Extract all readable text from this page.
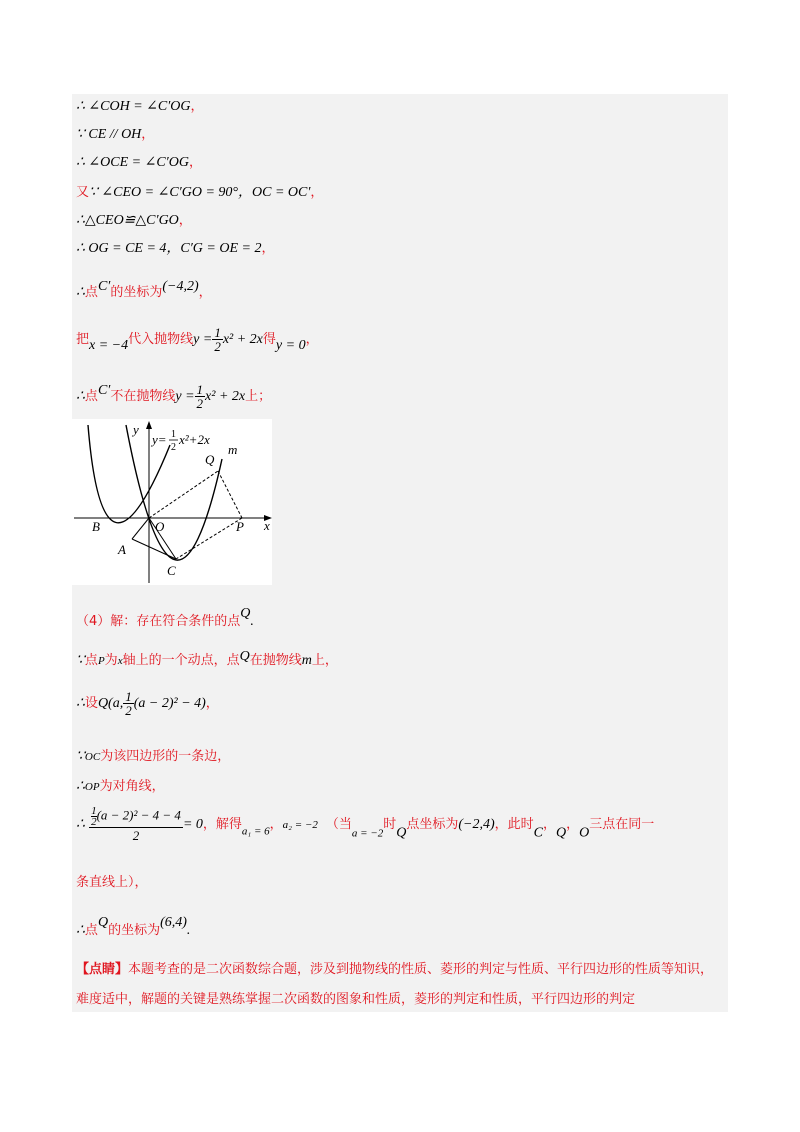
∴ ∠COH = ∠C′OG，
∵ CE // OH，
∴ ∠OCE = ∠C′OG，
又∵ ∠CEO = ∠C′GO = 90°，OC = OC′，
∴△CEO≌△C′GO，
∴ OG = CE = 4，C′G = OE = 2，
∴点C′的坐标为(−4,2)，
把x = −4代入抛物线$y = \frac{1}{2} x^2 + 2x$得y = 0，
∴点C′不在抛物线$y = \frac{1}{2} x^2 + 2x$上；
y= 1
2
x²+2x
y
x
m
Q
B	O	P
A
C
（4）解：存在符合条件的点Q.
∵点P为x轴上的一个动点，点Q在抛物线m上，
∴设Q(a, $\frac{1}{2} (a - 2)^2 - 4$)，
∵OC为该四边形的一条边，
∴OP为对角线，
∴ $\frac{\frac{1}{2} (a - 2)^2 - 4 - 4}{2} = 0$，解得$_{a_1 = 6}$，a₂ = −2 （当$_{a = -2}$时Q点坐标为(−2,4)，此时C，Q，O三点在同一
条直线上），
∴点Q的坐标为(6,4).
【点睛】本题考查的是二次函数综合题，涉及到抛物线的性质、菱形的判定与性质、平行四边形的性质等知识，难度适中，解题的关键是熟练掌握二次函数的图象和性质，菱形的判定和性质，平行四边形的判定
